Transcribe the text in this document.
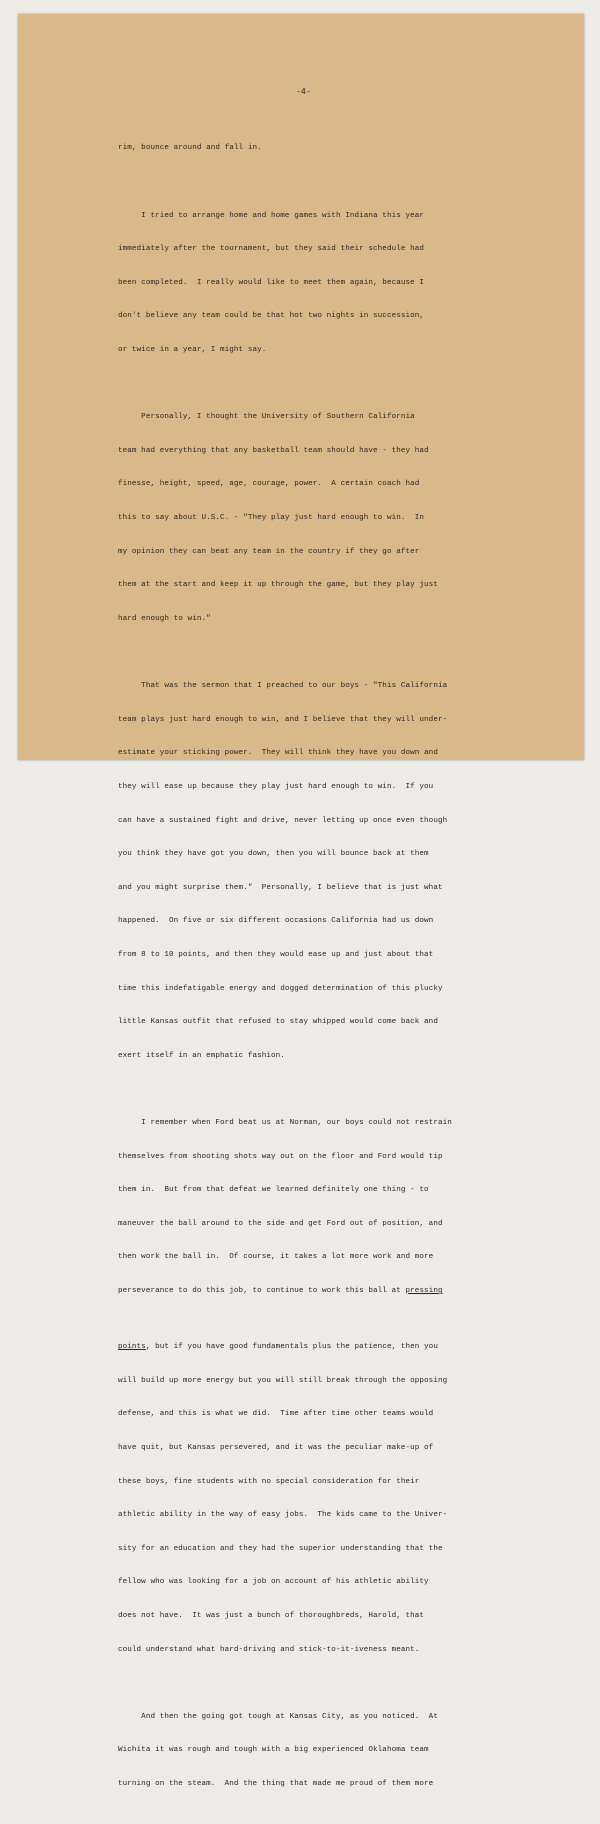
-4-

rim, bounce around and fall in.

I tried to arrange home and home games with Indiana this year

immediately after the tournament, but they said their schedule had

been completed.  I really would like to meet them again, because I

don't believe any team could be that hot two nights in succession,

or twice in a year, I might say.

Personally, I thought the University of Southern California

team had everything that any basketball team should have - they had

finesse, height, speed, age, courage, power.  A certain coach had

this to say about U.S.C. - "They play just hard enough to win.  In

my opinion they can beat any team in the country if they go after

them at the start and keep it up through the game, but they play just

hard enough to win."

That was the sermon that I preached to our boys - "This California

team plays just hard enough to win, and I believe that they will under-

estimate your sticking power.  They will think they have you down and

they will ease up because they play just hard enough to win.  If you

can have a sustained fight and drive, never letting up once even though

you think they have got you down, then you will bounce back at them

and you might surprise them."  Personally, I believe that is just what

happened.  On five or six different occasions California had us down

from 8 to 10 points, and then they would ease up and just about that

time this indefatigable energy and dogged determination of this plucky

little Kansas outfit that refused to stay whipped would come back and

exert itself in an emphatic fashion.

I remember when Ford beat us at Norman, our boys could not restrain

themselves from shooting shots way out on the floor and Ford would tip

them in.  But from that defeat we learned definitely one thing - to

maneuver the ball around to the side and get Ford out of position, and

then work the ball in.  Of course, it takes a lot more work and more

perseverance to do this job, to continue to work this ball at pressing

points, but if you have good fundamentals plus the patience, then you

will build up more energy but you will still break through the opposing

defense, and this is what we did.  Time after time other teams would

have quit, but Kansas persevered, and it was the peculiar make-up of

these boys, fine students with no special consideration for their

athletic ability in the way of easy jobs.  The kids came to the Univer-

sity for an education and they had the superior understanding that the

fellow who was looking for a job on account of his athletic ability

does not have.  It was just a bunch of thoroughbreds, Harold, that

could understand what hard-driving and stick-to-it-iveness meant.

And then the going got tough at Kansas City, as you noticed.  At

Wichita it was rough and tough with a big experienced Oklahoma team

turning on the steam.  And the thing that made me proud of them more
